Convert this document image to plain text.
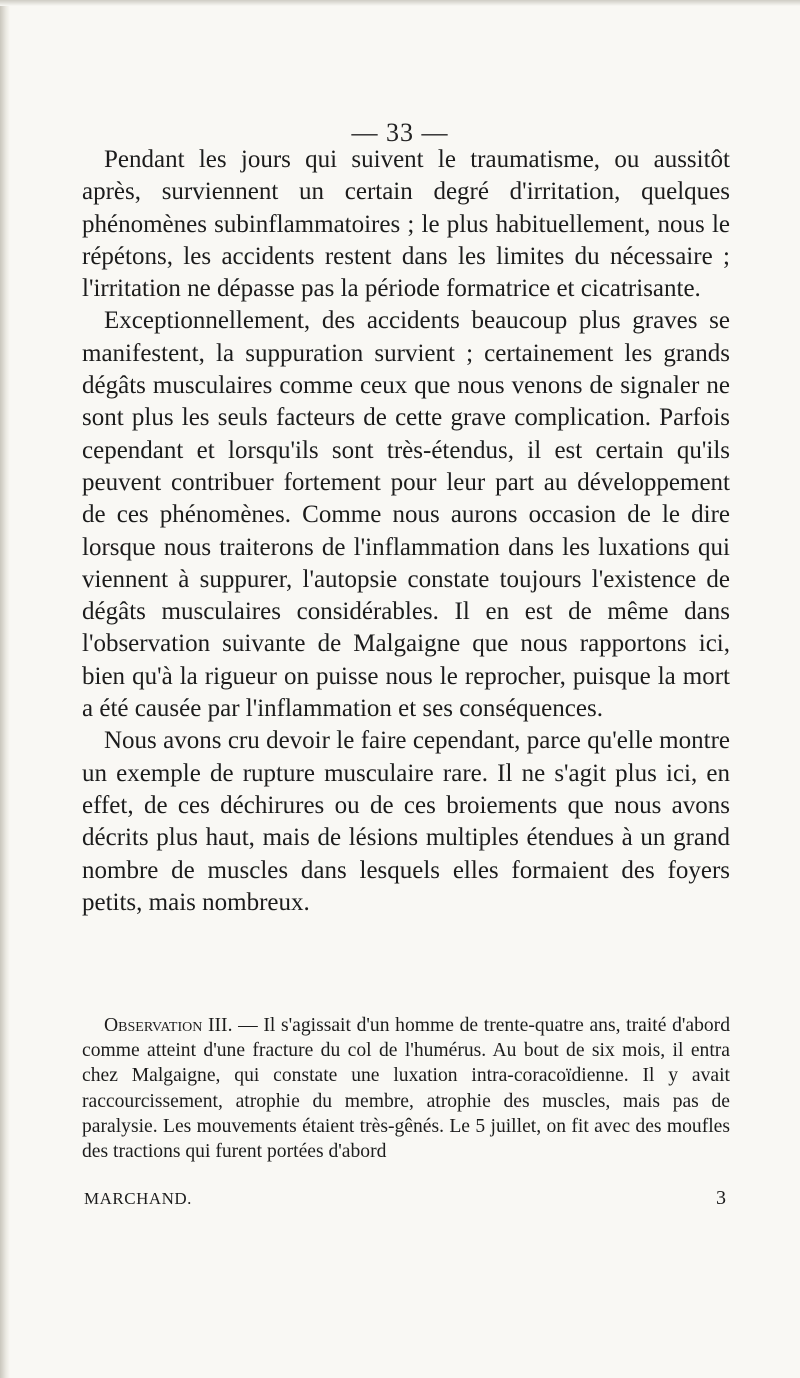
— 33 —

Pendant les jours qui suivent le traumatisme, ou aussitôt après, surviennent un certain degré d'irritation, quelques phénomènes subinflammatoires ; le plus habituellement, nous le répétons, les accidents restent dans les limites du nécessaire ; l'irritation ne dépasse pas la période formatrice et cicatrisante.

Exceptionnellement, des accidents beaucoup plus graves se manifestent, la suppuration survient ; certainement les grands dégâts musculaires comme ceux que nous venons de signaler ne sont plus les seuls facteurs de cette grave complication. Parfois cependant et lorsqu'ils sont très-étendus, il est certain qu'ils peuvent contribuer fortement pour leur part au développement de ces phénomènes. Comme nous aurons occasion de le dire lorsque nous traiterons de l'inflammation dans les luxations qui viennent à suppurer, l'autopsie constate toujours l'existence de dégâts musculaires considérables. Il en est de même dans l'observation suivante de Malgaigne que nous rapportons ici, bien qu'à la rigueur on puisse nous le reprocher, puisque la mort a été causée par l'inflammation et ses conséquences.

Nous avons cru devoir le faire cependant, parce qu'elle montre un exemple de rupture musculaire rare. Il ne s'agit plus ici, en effet, de ces déchirures ou de ces broiements que nous avons décrits plus haut, mais de lésions multiples étendues à un grand nombre de muscles dans lesquels elles formaient des foyers petits, mais nombreux.

Observation III. — Il s'agissait d'un homme de trente-quatre ans, traité d'abord comme atteint d'une fracture du col de l'humérus. Au bout de six mois, il entra chez Malgaigne, qui constate une luxation intra-coracoïdienne. Il y avait raccourcissement, atrophie du membre, atrophie des muscles, mais pas de paralysie. Les mouvements étaient très-gênés. Le 5 juillet, on fit avec des moufles des tractions qui furent portées d'abord

MARCHAND.	3
